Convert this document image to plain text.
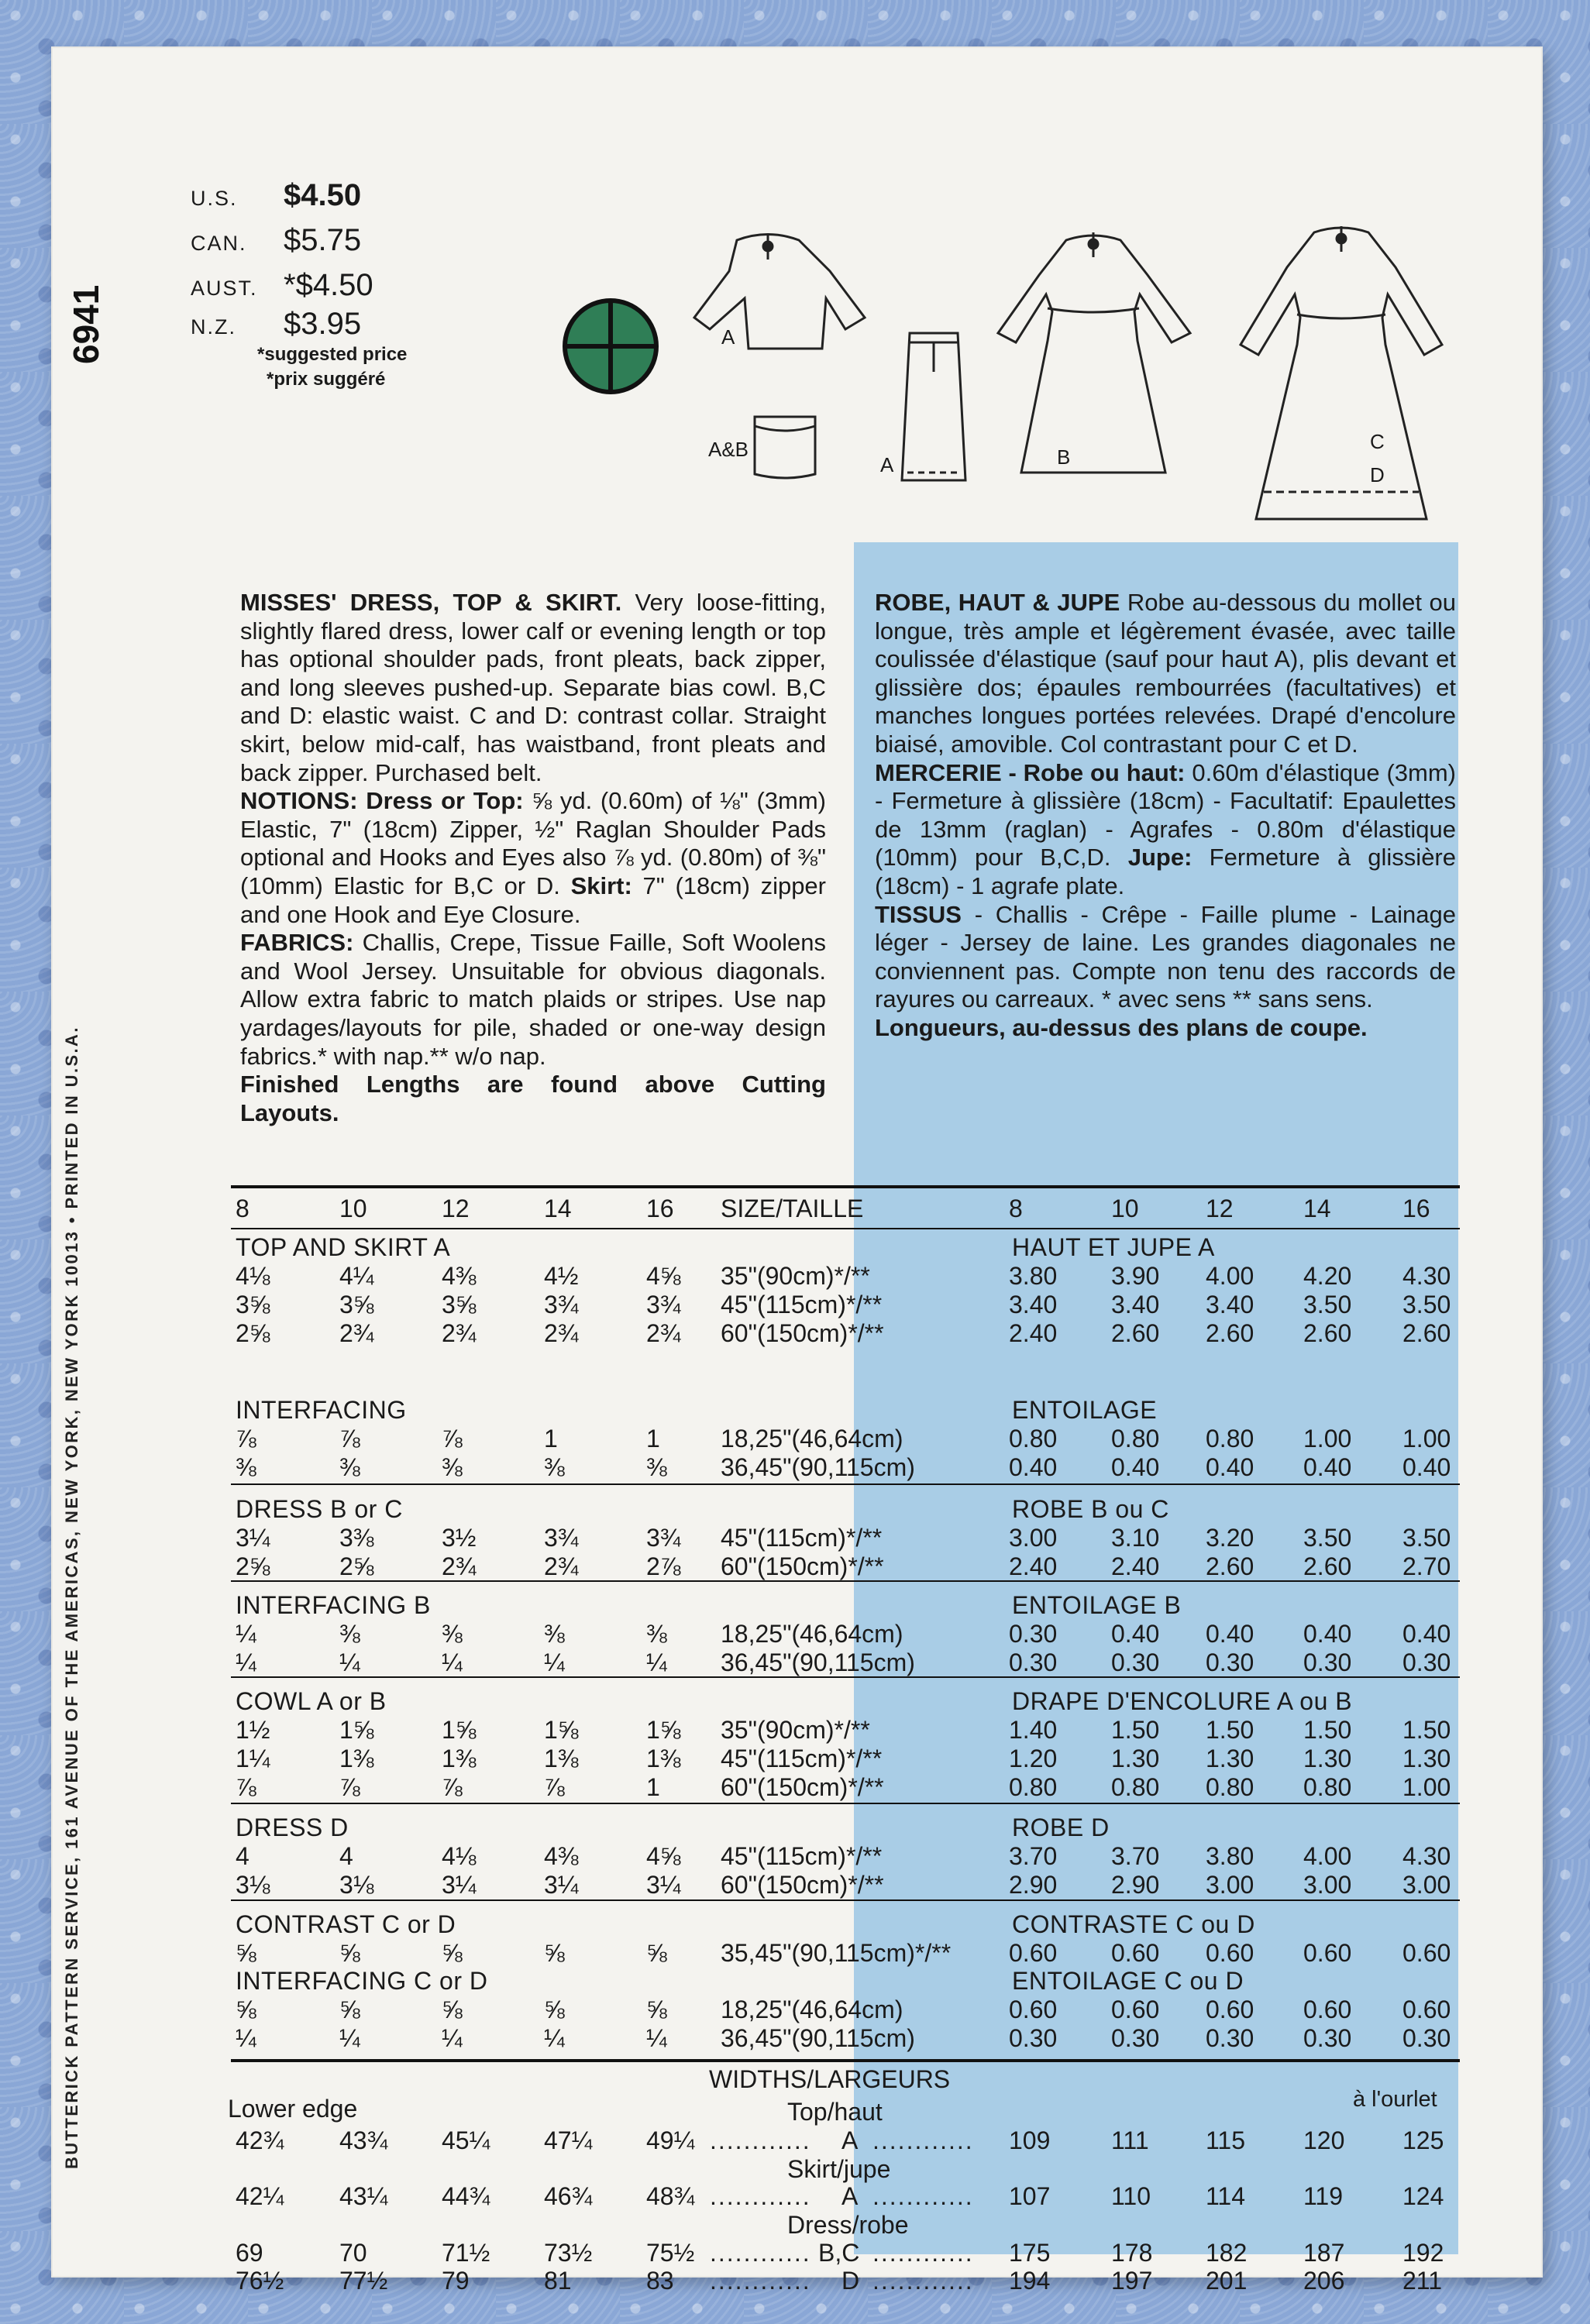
6941
BUTTERICK PATTERN SERVICE, 161 AVENUE OF THE AMERICAS, NEW YORK, NEW YORK 10013 • PRINTED IN U.S.A.
U.S.	$4.50
CAN.	$5.75
AUST. *$4.50
N.Z.	$3.95
*suggested price
*prix suggéré
A
A&B
A	B
C
D
MISSES' DRESS, TOP & SKIRT. Very loose-fitting, slightly flared dress, lower calf or evening length or top has optional shoulder pads, front pleats, back zipper, and long sleeves pushed-up. Separate bias cowl. B,C and D: elastic waist. C and D: contrast collar. Straight skirt, below mid-calf, has waistband, front pleats and back zipper. Purchased belt.
NOTIONS: Dress or Top: ⅝ yd. (0.60m) of ⅛" (3mm) Elastic, 7" (18cm) Zipper, ½" Raglan Shoulder Pads optional and Hooks and Eyes also ⅞ yd. (0.80m) of ⅜" (10mm) Elastic for B,C or D. Skirt: 7" (18cm) zipper and one Hook and Eye Closure.
FABRICS: Challis, Crepe, Tissue Faille, Soft Woolens and Wool Jersey. Unsuitable for obvious diagonals. Allow extra fabric to match plaids or stripes. Use nap yardages/layouts for pile, shaded or one-way design fabrics.* with nap.** w/o nap.
Finished Lengths are found above Cutting Layouts.
ROBE, HAUT & JUPE Robe au-dessous du mollet ou longue, très ample et légèrement évasée, avec taille coulissée d'élastique (sauf pour haut A), plis devant et glissière dos; épaules rembourrées (facultatives) et manches longues portées relevées. Drapé d'encolure biaisé, amovible. Col contrastant pour C et D.
MERCERIE - Robe ou haut: 0.60m d'élastique (3mm) - Fermeture à glissière (18cm) - Facultatif: Epaulettes de 13mm (raglan) - Agrafes - 0.80m d'élastique (10mm) pour B,C,D. Jupe: Fermeture à glissière (18cm) - 1 agrafe plate.
TISSUS - Challis - Crêpe - Faille plume - Lainage léger - Jersey de laine. Les grandes diagonales ne conviennent pas. Compte non tenu des raccords de rayures ou carreaux. * avec sens ** sans sens.
Longueurs, au-dessus des plans de coupe.
8	10	12	14	16 SIZE/TAILLE	8	10	12	14	16
TOP AND SKIRT A	HAUT ET JUPE A
4⅛	4¼	4⅜	4½	4⅝ 35"(90cm)*/**	3.80 3.90 4.00 4.20 4.30
3⅝	3⅝	3⅝	3¾	3¾ 45"(115cm)*/**	3.40 3.40 3.40 3.50 3.50
2⅝	2¾	2¾	2¾	2¾ 60"(150cm)*/**	2.40 2.60 2.60 2.60 2.60
INTERFACING	ENTOILAGE
⅞	⅞	⅞	1	1 18,25"(46,64cm)	0.80 0.80 0.80 1.00 1.00
⅜	⅜	⅜	⅜	⅜ 36,45"(90,115cm)	0.40 0.40 0.40 0.40 0.40
DRESS B or C	ROBE B ou C
3¼	3⅜	3½	3¾	3¾ 45"(115cm)*/**	3.00 3.10 3.20 3.50 3.50
2⅝	2⅝	2¾	2¾	2⅞ 60"(150cm)*/**	2.40 2.40 2.60 2.60 2.70
INTERFACING B	ENTOILAGE B
¼	⅜	⅜	⅜	⅜ 18,25"(46,64cm)	0.30 0.40 0.40 0.40 0.40
¼	¼	¼	¼	¼ 36,45"(90,115cm)	0.30 0.30 0.30 0.30 0.30
COWL A or B	DRAPE D'ENCOLURE A ou B
1½	1⅝	1⅝	1⅝	1⅝ 35"(90cm)*/**	1.40 1.50 1.50 1.50 1.50
1¼	1⅜	1⅜	1⅜	1⅜ 45"(115cm)*/**	1.20 1.30 1.30 1.30 1.30
⅞	⅞	⅞	⅞	1 60"(150cm)*/**	0.80 0.80 0.80 0.80 1.00
DRESS D	ROBE D
4	4	4⅛	4⅜	4⅝ 45"(115cm)*/**	3.70 3.70 3.80 4.00 4.30
3⅛	3⅛	3¼	3¼	3¼ 60"(150cm)*/**	2.90 2.90 3.00 3.00 3.00
CONTRAST C or D	CONTRASTE C ou D
⅝	⅝	⅝	⅝	⅝ 35,45"(90,115cm)*/** 0.60 0.60 0.60 0.60 0.60
INTERFACING C or D	ENTOILAGE C ou D
⅝	⅝	⅝	⅝	⅝ 18,25"(46,64cm)	0.60 0.60 0.60 0.60 0.60
¼	¼	¼	¼	¼ 36,45"(90,115cm)	0.30 0.30 0.30 0.30 0.30
WIDTHS/LARGEURS
Lower edge	à l'ourlet
Top/haut
42¾ 43¾ 45¼ 47¼ 49¼ ............ A ............ 109 111 115 120 125
Skirt/jupe
42¼ 43¼ 44¾ 46¾ 48¾ ............ A ............ 107 110 114 119 124
Dress/robe
69	70	71½ 73½ 75½ ............ B,C ............ 175 178 182 187 192
76½ 77½ 79	81	83 ............ D ............ 194 197 201 206 211
